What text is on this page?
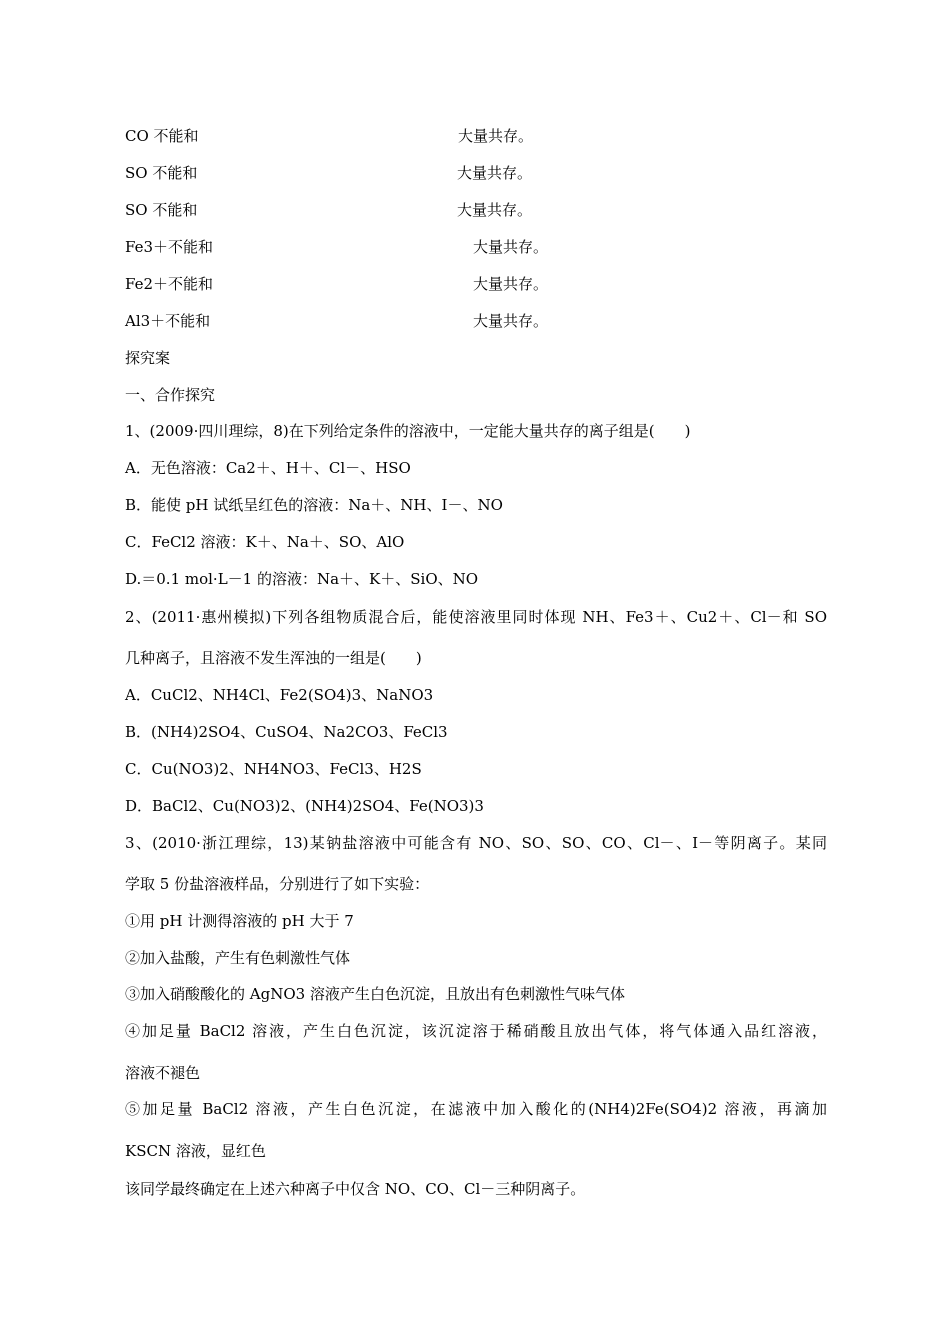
CO 不能和	大量共存。
SO 不能和	大量共存。
SO 不能和	大量共存。
Fe3＋不能和	大量共存。
Fe2＋不能和	大量共存。
Al3＋不能和	大量共存。
探究案
一、合作探究
1、(2009·四川理综，8)在下列给定条件的溶液中，一定能大量共存的离子组是(　　)
A．无色溶液：Ca2＋、H＋、Cl－、HSO
B．能使 pH 试纸呈红色的溶液：Na＋、NH、I－、NO
C．FeCl2 溶液：K＋、Na＋、SO、AlO
D.＝0.1 mol·L－1 的溶液：Na＋、K＋、SiO、NO
2、(2011·惠州模拟)下列各组物质混合后，能使溶液里同时体现 NH、Fe3＋、Cu2＋、Cl－和 SO
几种离子，且溶液不发生浑浊的一组是(　　)
A．CuCl2、NH4Cl、Fe2(SO4)3、NaNO3
B．(NH4)2SO4、CuSO4、Na2CO3、FeCl3
C．Cu(NO3)2、NH4NO3、FeCl3、H2S
D．BaCl2、Cu(NO3)2、(NH4)2SO4、Fe(NO3)3
3、(2010·浙江理综，13)某钠盐溶液中可能含有 NO、SO、SO、CO、Cl－、I－等阴离子。某同
学取 5 份盐溶液样品，分别进行了如下实验：
①用 pH 计测得溶液的 pH 大于 7
②加入盐酸，产生有色刺激性气体
③加入硝酸酸化的 AgNO3 溶液产生白色沉淀，且放出有色刺激性气味气体
④加足量 BaCl2 溶液，产生白色沉淀，该沉淀溶于稀硝酸且放出气体，将气体通入品红溶液，
溶液不褪色
⑤加足量 BaCl2 溶液，产生白色沉淀，在滤液中加入酸化的(NH4)2Fe(SO4)2 溶液，再滴加
KSCN 溶液，显红色
该同学最终确定在上述六种离子中仅含 NO、CO、Cl－三种阴离子。
